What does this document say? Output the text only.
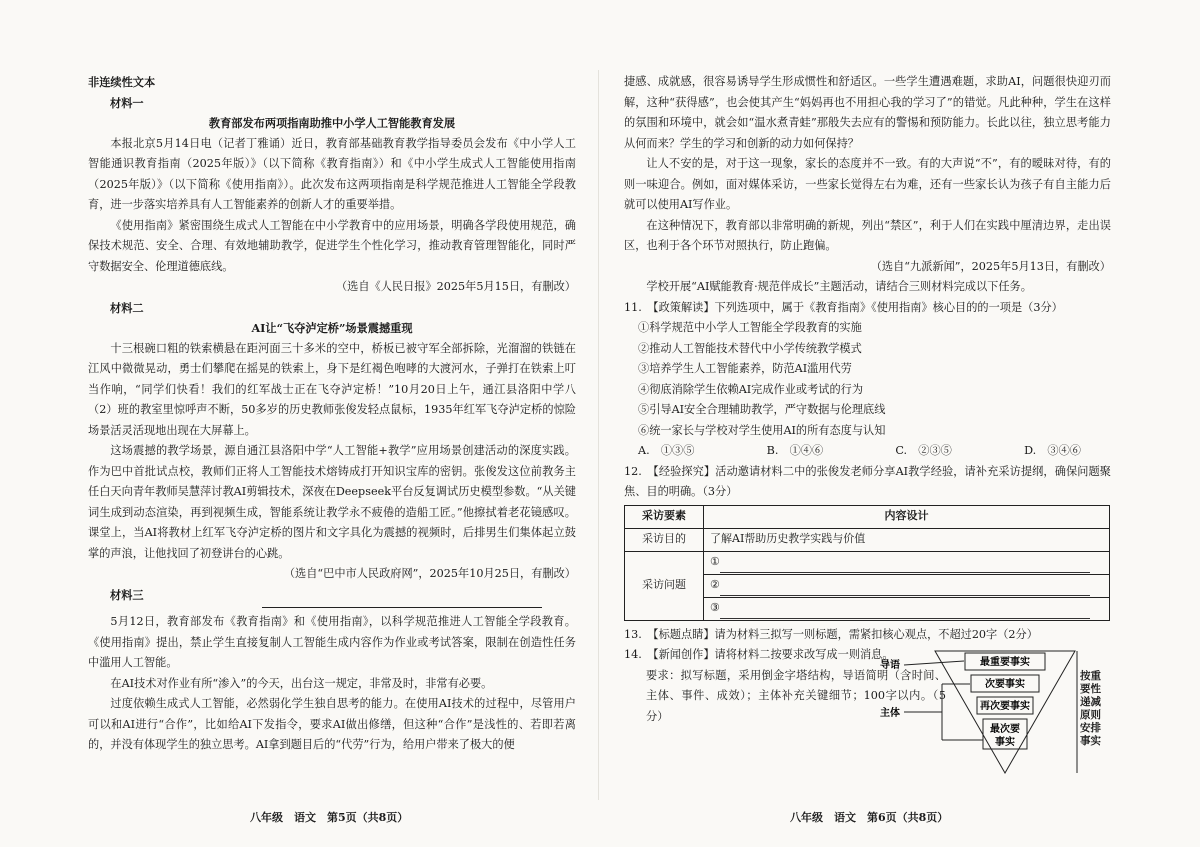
非连续性文本

材料一

教育部发布两项指南助推中小学人工智能教育发展

本报北京5月14日电（记者丁雅诵）近日，教育部基础教育教学指导委员会发布《中小学人工智能通识教育指南（2025年版）》（以下简称《教育指南》）和《中小学生成式人工智能使用指南（2025年版）》（以下简称《使用指南》）。此次发布这两项指南是科学规范推进人工智能全学段教育，进一步落实培养具有人工智能素养的创新人才的重要举措。

《使用指南》紧密围绕生成式人工智能在中小学教育中的应用场景，明确各学段使用规范，确保技术规范、安全、合理、有效地辅助教学，促进学生个性化学习，推动教育管理智能化，同时严守数据安全、伦理道德底线。

（选自《人民日报》2025年5月15日，有删改）

材料二

AI让“飞夺泸定桥”场景震撼重现

十三根碗口粗的铁索横悬在距河面三十多米的空中，桥板已被守军全部拆除，光溜溜的铁链在江风中微微晃动，勇士们攀爬在摇晃的铁索上，身下是红褐色咆哮的大渡河水，子弹打在铁索上叮当作响，“同学们快看！我们的红军战士正在飞夺泸定桥！”10月20日上午，通江县洛阳中学八（2）班的教室里惊呼声不断，50多岁的历史教师张俊发轻点鼠标，1935年红军飞夺泸定桥的惊险场景活灵活现地出现在大屏幕上。

这场震撼的教学场景，源自通江县洛阳中学“人工智能+教学”应用场景创建活动的深度实践。作为巴中首批试点校，教师们正将人工智能技术熔铸成打开知识宝库的密钥。张俊发这位前教务主任白天向青年教师吴慧萍讨教AI剪辑技术，深夜在Deepseek平台反复调试历史模型参数。“从关键词生成到动态渲染，再到视频生成，智能系统让教学永不疲倦的造船工匠。”他擦拭着老花镜感叹。课堂上，当AI将教材上红军飞夺泸定桥的图片和文字具化为震撼的视频时，后排男生们集体起立鼓掌的声浪，让他找回了初登讲台的心跳。

（选自“巴中市人民政府网”，2025年10月25日，有删改）

材料三

5月12日，教育部发布《教育指南》和《使用指南》，以科学规范推进人工智能全学段教育。《使用指南》提出，禁止学生直接复制人工智能生成内容作为作业或考试答案，限制在创造性任务中滥用人工智能。

在AI技术对作业有所“渗入”的今天，出台这一规定，非常及时，非常有必要。

过度依赖生成式人工智能，必然弱化学生独自思考的能力。在使用AI技术的过程中，尽管用户可以和AI进行“合作”，比如给AI下发指令，要求AI做出修缮，但这种“合作”是浅性的、若即若离的，并没有体现学生的独立思考。AI拿到题目后的“代劳”行为，给用户带来了极大的便

八年级　语文　第5页（共8页）

捷感、成就感，很容易诱导学生形成惯性和舒适区。一些学生遭遇难题，求助AI，问题很快迎刃而解，这种“获得感”，也会使其产生“妈妈再也不用担心我的学习了”的错觉。凡此种种，学生在这样的氛围和环境中，就会如“温水煮青蛙”那般失去应有的警惕和预防能力。长此以往，独立思考能力从何而来？学生的学习和创新的动力如何保持？

让人不安的是，对于这一现象，家长的态度并不一致。有的大声说“不”，有的暧昧对待，有的则一味迎合。例如，面对媒体采访，一些家长觉得左右为难，还有一些家长认为孩子有自主能力后就可以使用AI写作业。

在这种情况下，教育部以非常明确的新规，列出“禁区”，利于人们在实践中厘清边界，走出误区，也利于各个环节对照执行，防止跑偏。

（选自“九派新闻”，2025年5月13日，有删改）

学校开展“AI赋能教育·规范伴成长”主题活动，请结合三则材料完成以下任务。

11.　【政策解读】下列选项中，属于《教育指南》《使用指南》核心目的的一项是（3分）

①科学规范中小学人工智能全学段教育的实施

②推动人工智能技术替代中小学传统教学模式

③培养学生人工智能素养，防范AI滥用代劳

④彻底消除学生依赖AI完成作业或考试的行为

⑤引导AI安全合理辅助教学，严守数据与伦理底线

⑥统一家长与学校对学生使用AI的所有态度与认知

A.　①③⑤	B.　①④⑥	C.　②③⑤	D.　③④⑥

12.　【经验探究】活动邀请材料二中的张俊发老师分享AI教学经验，请补充采访提纲，确保问题聚焦、目的明确。（3分）

采访要素	内容设计
采访目的	了解AI帮助历史教学实践与价值
采访问题	①
	②
	③

13.　【标题点睛】请为材料三拟写一则标题，需紧扣核心观点，不超过20字（2分）

14.　【新闻创作】请将材料二按要求改写成一则消息。

要求：拟写标题，采用倒金字塔结构，导语简明（含时间、主体、事件、成效）；主体补充关键细节；100字以内。（5分）

最重要事实
次要事实
再次要事实
最次要
事实
导语
主体
按重要性递减原则安排事实
八年级　语文　第6页（共8页）
